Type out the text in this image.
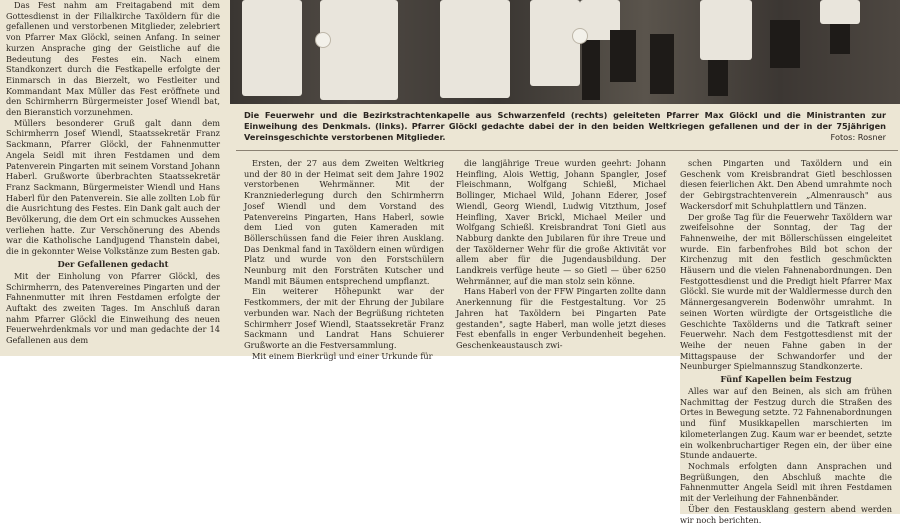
Die Feuerwehr und die Bezirkstrachtenkapelle aus Schwarzenfeld (rechts) geleiteten Pfarrer Max Glöckl und die Ministranten zur Einweihung des Denkmals. (links). Pfarrer Glöckl gedachte dabei der in den beiden Weltkriegen gefallenen und der in der 75jährigen Vereinsgeschichte verstorbenen Mitglieder.	Fotos: Rosner

Das Fest nahm am Freitagabend mit dem Gottesdienst in der Filialkirche Taxöldern für die gefallenen und verstorbenen Mitglieder, zelebriert von Pfarrer Max Glöckl, seinen Anfang. In seiner kurzen Ansprache ging der Geistliche auf die Bedeutung des Festes ein. Nach einem Standkonzert durch die Festkapelle erfolgte der Einmarsch in das Bierzelt, wo Festleiter und Kommandant Max Müller das Fest eröffnete und den Schirmherrn Bürgermeister Josef Wiendl bat, den Bieranstich vorzunehmen.

Müllers besonderer Gruß galt dann dem Schirmherrn Josef Wiendl, Staatssekretär Franz Sackmann, Pfarrer Glöckl, der Fahnenmutter Angela Seidl mit ihren Festdamen und dem Patenverein Pingarten mit seinem Vorstand Johann Haberl. Grußworte überbrachten Staatssekretär Franz Sackmann, Bürgermeister Wiendl und Hans Haberl für den Patenverein. Sie alle zollten Lob für die Ausrichtung des Festes. Ein Dank galt auch der Bevölkerung, die dem Ort ein schmuckes Aussehen verliehen hatte. Zur Verschönerung des Abends war die Katholische Landjugend Thanstein dabei, die in gekonnter Weise Volkstänze zum Besten gab.

Der Gefallenen gedacht

Mit der Einholung von Pfarrer Glöckl, des Schirmherrn, des Patenvereines Pingarten und der Fahnenmutter mit ihren Festdamen erfolgte der Auftakt des zweiten Tages. Im Anschluß daran nahm Pfarrer Glöckl die Einweihung des neuen Feuerwehrdenkmals vor und man gedachte der 14 Gefallenen aus dem

Ersten, der 27 aus dem Zweiten Weltkrieg und der 80 in der Heimat seit dem Jahre 1902 verstorbenen Wehrmänner. Mit der Kranzniederlegung durch den Schirmherrn Josef Wiendl und dem Vorstand des Patenvereins Pingarten, Hans Haberl, sowie dem Lied von guten Kameraden mit Böllerschüssen fand die Feier ihren Ausklang. Das Denkmal fand in Taxöldern einen würdigen Platz und wurde von den Forstschülern Neunburg mit den Forsträten Kutscher und Mandl mit Bäumen entsprechend umpflanzt.

Ein weiterer Höhepunkt war der Festkommers, der mit der Ehrung der Jubilare verbunden war. Nach der Begrüßung richteten Schirmherr Josef Wiendl, Staatssekretär Franz Sackmann und Landrat Hans Schuierer Grußworte an die Festversammlung.

Mit einem Bierkrügl und einer Urkunde für

die langjährige Treue wurden geehrt: Johann Heinfling, Alois Wettig, Johann Spangler, Josef Fleischmann, Wolfgang Schießl, Michael Bollinger, Michael Wild, Johann Ederer, Josef Wiendl, Georg Wiendl, Ludwig Vitzthum, Josef Heinfling, Xaver Brickl, Michael Meiler und Wolfgang Schießl. Kreisbrandrat Toni Gietl aus Nabburg dankte den Jubilaren für ihre Treue und der Taxölderner Wehr für die große Aktivität vor allem aber für die Jugendausbildung. Der Landkreis verfüge heute — so Gietl — über 6250 Wehrmänner, auf die man stolz sein könne.

Hans Haberl von der FFW Pingarten zollte dann Anerkennung für die Festgestaltung. Vor 25 Jahren hat Taxöldern bei Pingarten Pate gestanden", sagte Haberl, man wolle jetzt dieses Fest ebenfalls in enger Verbundenheit begehen. Geschenkeaustausch zwi-

schen Pingarten und Taxöldern und ein Geschenk vom Kreisbrandrat Gietl beschlossen diesen feierlichen Akt. Den Abend umrahmte noch der Gebirgstrachtenverein „Almenrausch" aus Wackersdorf mit Schuhplattlern und Tänzen.

Der große Tag für die Feuerwehr Taxöldern war zweifelsohne der Sonntag, der Tag der Fahnenweihe, der mit Böllerschüssen eingeleitet wurde. Ein farbenfrohes Bild bot schon der Kirchenzug mit den festlich geschmückten Häusern und die vielen Fahnenabordnungen. Den Festgottesdienst und die Predigt hielt Pfarrer Max Glöckl. Sie wurde mit der Waldlermesse durch den Männergesangverein Bodenwöhr umrahmt. In seinen Worten würdigte der Ortsgeistliche die Geschichte Taxölderns und die Tatkraft seiner Feuerwehr. Nach dem Festgottesdienst mit der Weihe der neuen Fahne gaben in der Mittagspause der Schwandorfer und der Neunburger Spielmannszug Standkonzerte.

Fünf Kapellen beim Festzug

Alles war auf den Beinen, als sich am frühen Nachmittag der Festzug durch die Straßen des Ortes in Bewegung setzte. 72 Fahnenabordnungen und fünf Musikkapellen marschierten im kilometerlangen Zug. Kaum war er beendet, setzte ein wolkenbruchartiger Regen ein, der über eine Stunde andauerte.

Nochmals erfolgten dann Ansprachen und Begrüßungen, den Abschluß machte die Fahnenmutter Angela Seidl mit ihren Festdamen mit der Verleihung der Fahnenbänder.

Über den Festausklang gestern abend werden wir noch berichten.
